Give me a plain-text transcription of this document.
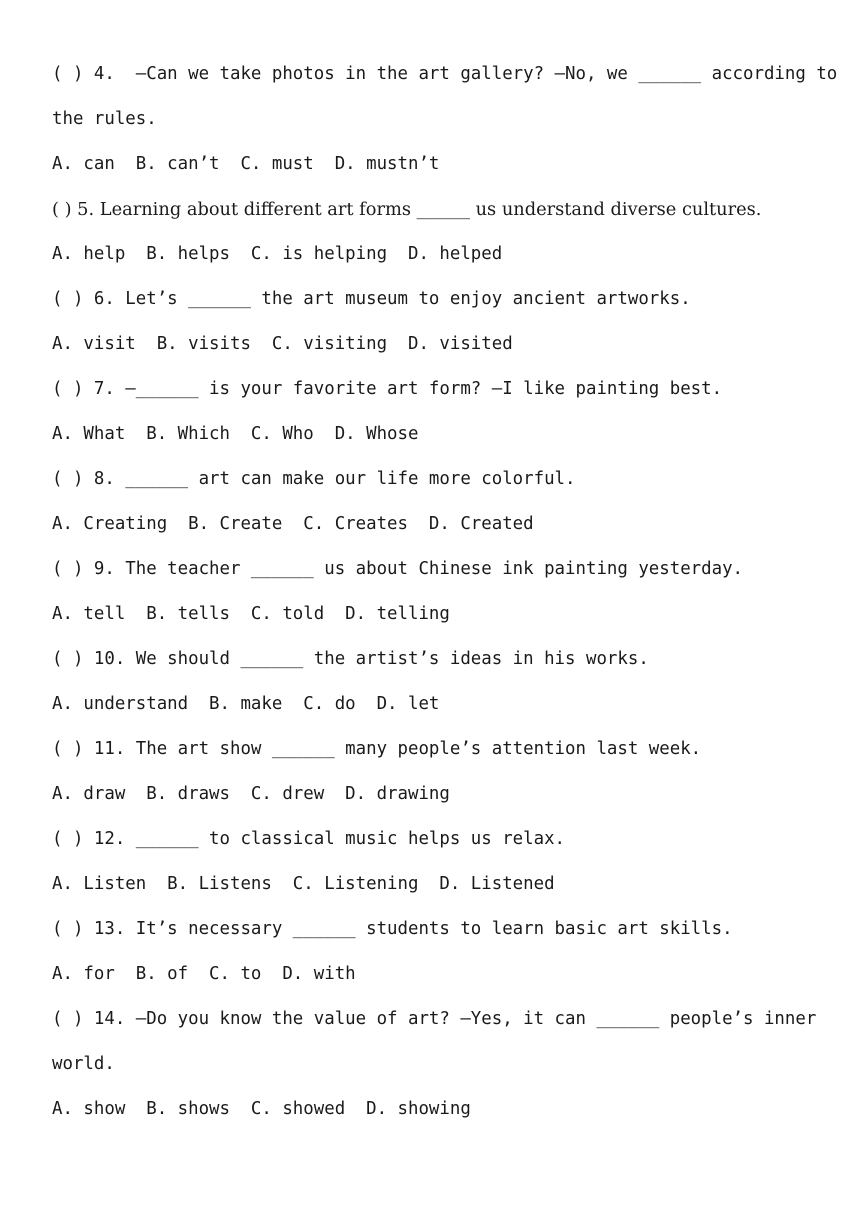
( ) 4.  —Can we take photos in the art gallery? —No, we ______ according to
the rules.
A. can  B. can’t  C. must  D. mustn’t
( ) 5. Learning about different art forms ______ us understand diverse cultures.
A. help  B. helps  C. is helping  D. helped
( ) 6. Let’s ______ the art museum to enjoy ancient artworks.
A. visit  B. visits  C. visiting  D. visited
( ) 7. —______ is your favorite art form? —I like painting best.
A. What  B. Which  C. Who  D. Whose
( ) 8. ______ art can make our life more colorful.
A. Creating  B. Create  C. Creates  D. Created
( ) 9. The teacher ______ us about Chinese ink painting yesterday.
A. tell  B. tells  C. told  D. telling
( ) 10. We should ______ the artist’s ideas in his works.
A. understand  B. make  C. do  D. let
( ) 11. The art show ______ many people’s attention last week.
A. draw  B. draws  C. drew  D. drawing
( ) 12. ______ to classical music helps us relax.
A. Listen  B. Listens  C. Listening  D. Listened
( ) 13. It’s necessary ______ students to learn basic art skills.
A. for  B. of  C. to  D. with
( ) 14. —Do you know the value of art? —Yes, it can ______ people’s inner
world.
A. show  B. shows  C. showed  D. showing
